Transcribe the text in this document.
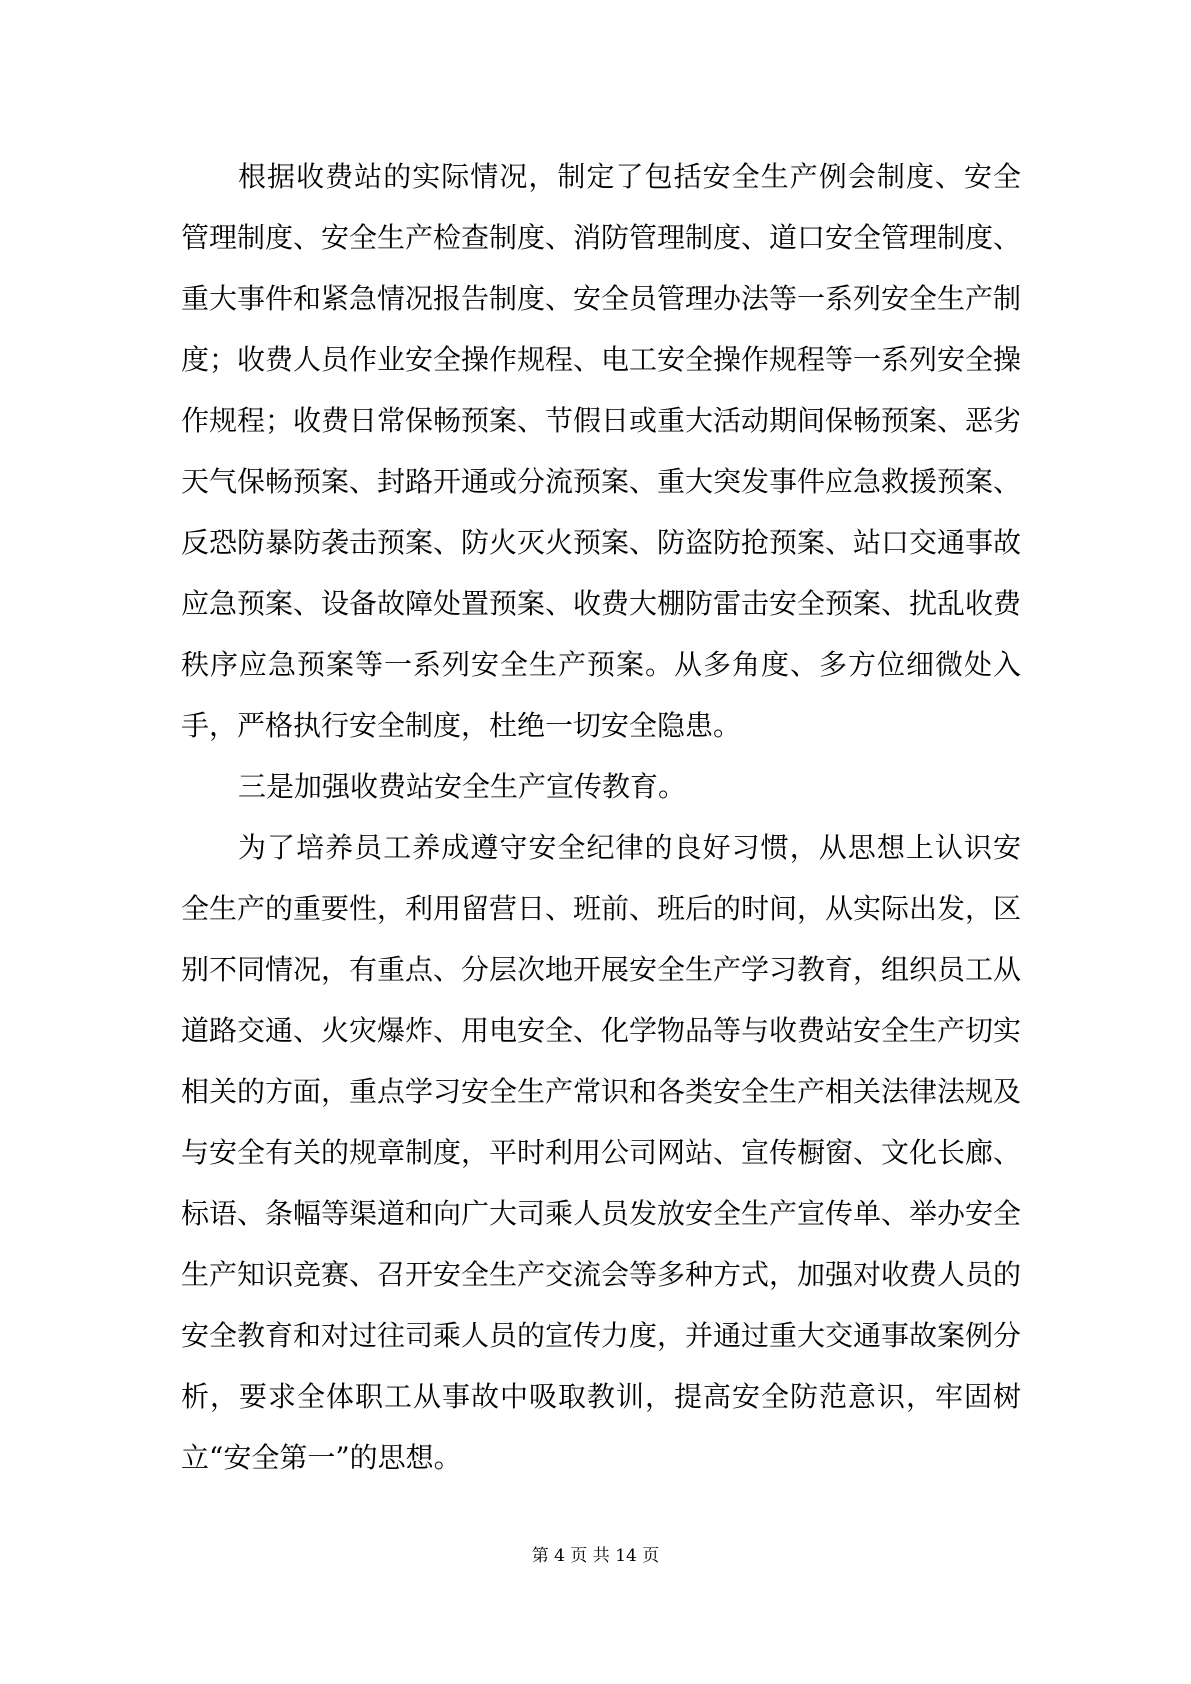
根据收费站的实际情况，制定了包括安全生产例会制度、安全管理制度、安全生产检查制度、消防管理制度、道口安全管理制度、重大事件和紧急情况报告制度、安全员管理办法等一系列安全生产制度；收费人员作业安全操作规程、电工安全操作规程等一系列安全操作规程；收费日常保畅预案、节假日或重大活动期间保畅预案、恶劣天气保畅预案、封路开通或分流预案、重大突发事件应急救援预案、反恐防暴防袭击预案、防火灭火预案、防盗防抢预案、站口交通事故应急预案、设备故障处置预案、收费大棚防雷击安全预案、扰乱收费秩序应急预案等一系列安全生产预案。从多角度、多方位细微处入手，严格执行安全制度，杜绝一切安全隐患。

三是加强收费站安全生产宣传教育。

为了培养员工养成遵守安全纪律的良好习惯，从思想上认识安全生产的重要性，利用留营日、班前、班后的时间，从实际出发，区别不同情况，有重点、分层次地开展安全生产学习教育，组织员工从道路交通、火灾爆炸、用电安全、化学物品等与收费站安全生产切实相关的方面，重点学习安全生产常识和各类安全生产相关法律法规及与安全有关的规章制度，平时利用公司网站、宣传橱窗、文化长廊、标语、条幅等渠道和向广大司乘人员发放安全生产宣传单、举办安全生产知识竞赛、召开安全生产交流会等多种方式，加强对收费人员的安全教育和对过往司乘人员的宣传力度，并通过重大交通事故案例分析，要求全体职工从事故中吸取教训，提高安全防范意识，牢固树立“安全第一”的思想。

第 4 页 共 14 页
